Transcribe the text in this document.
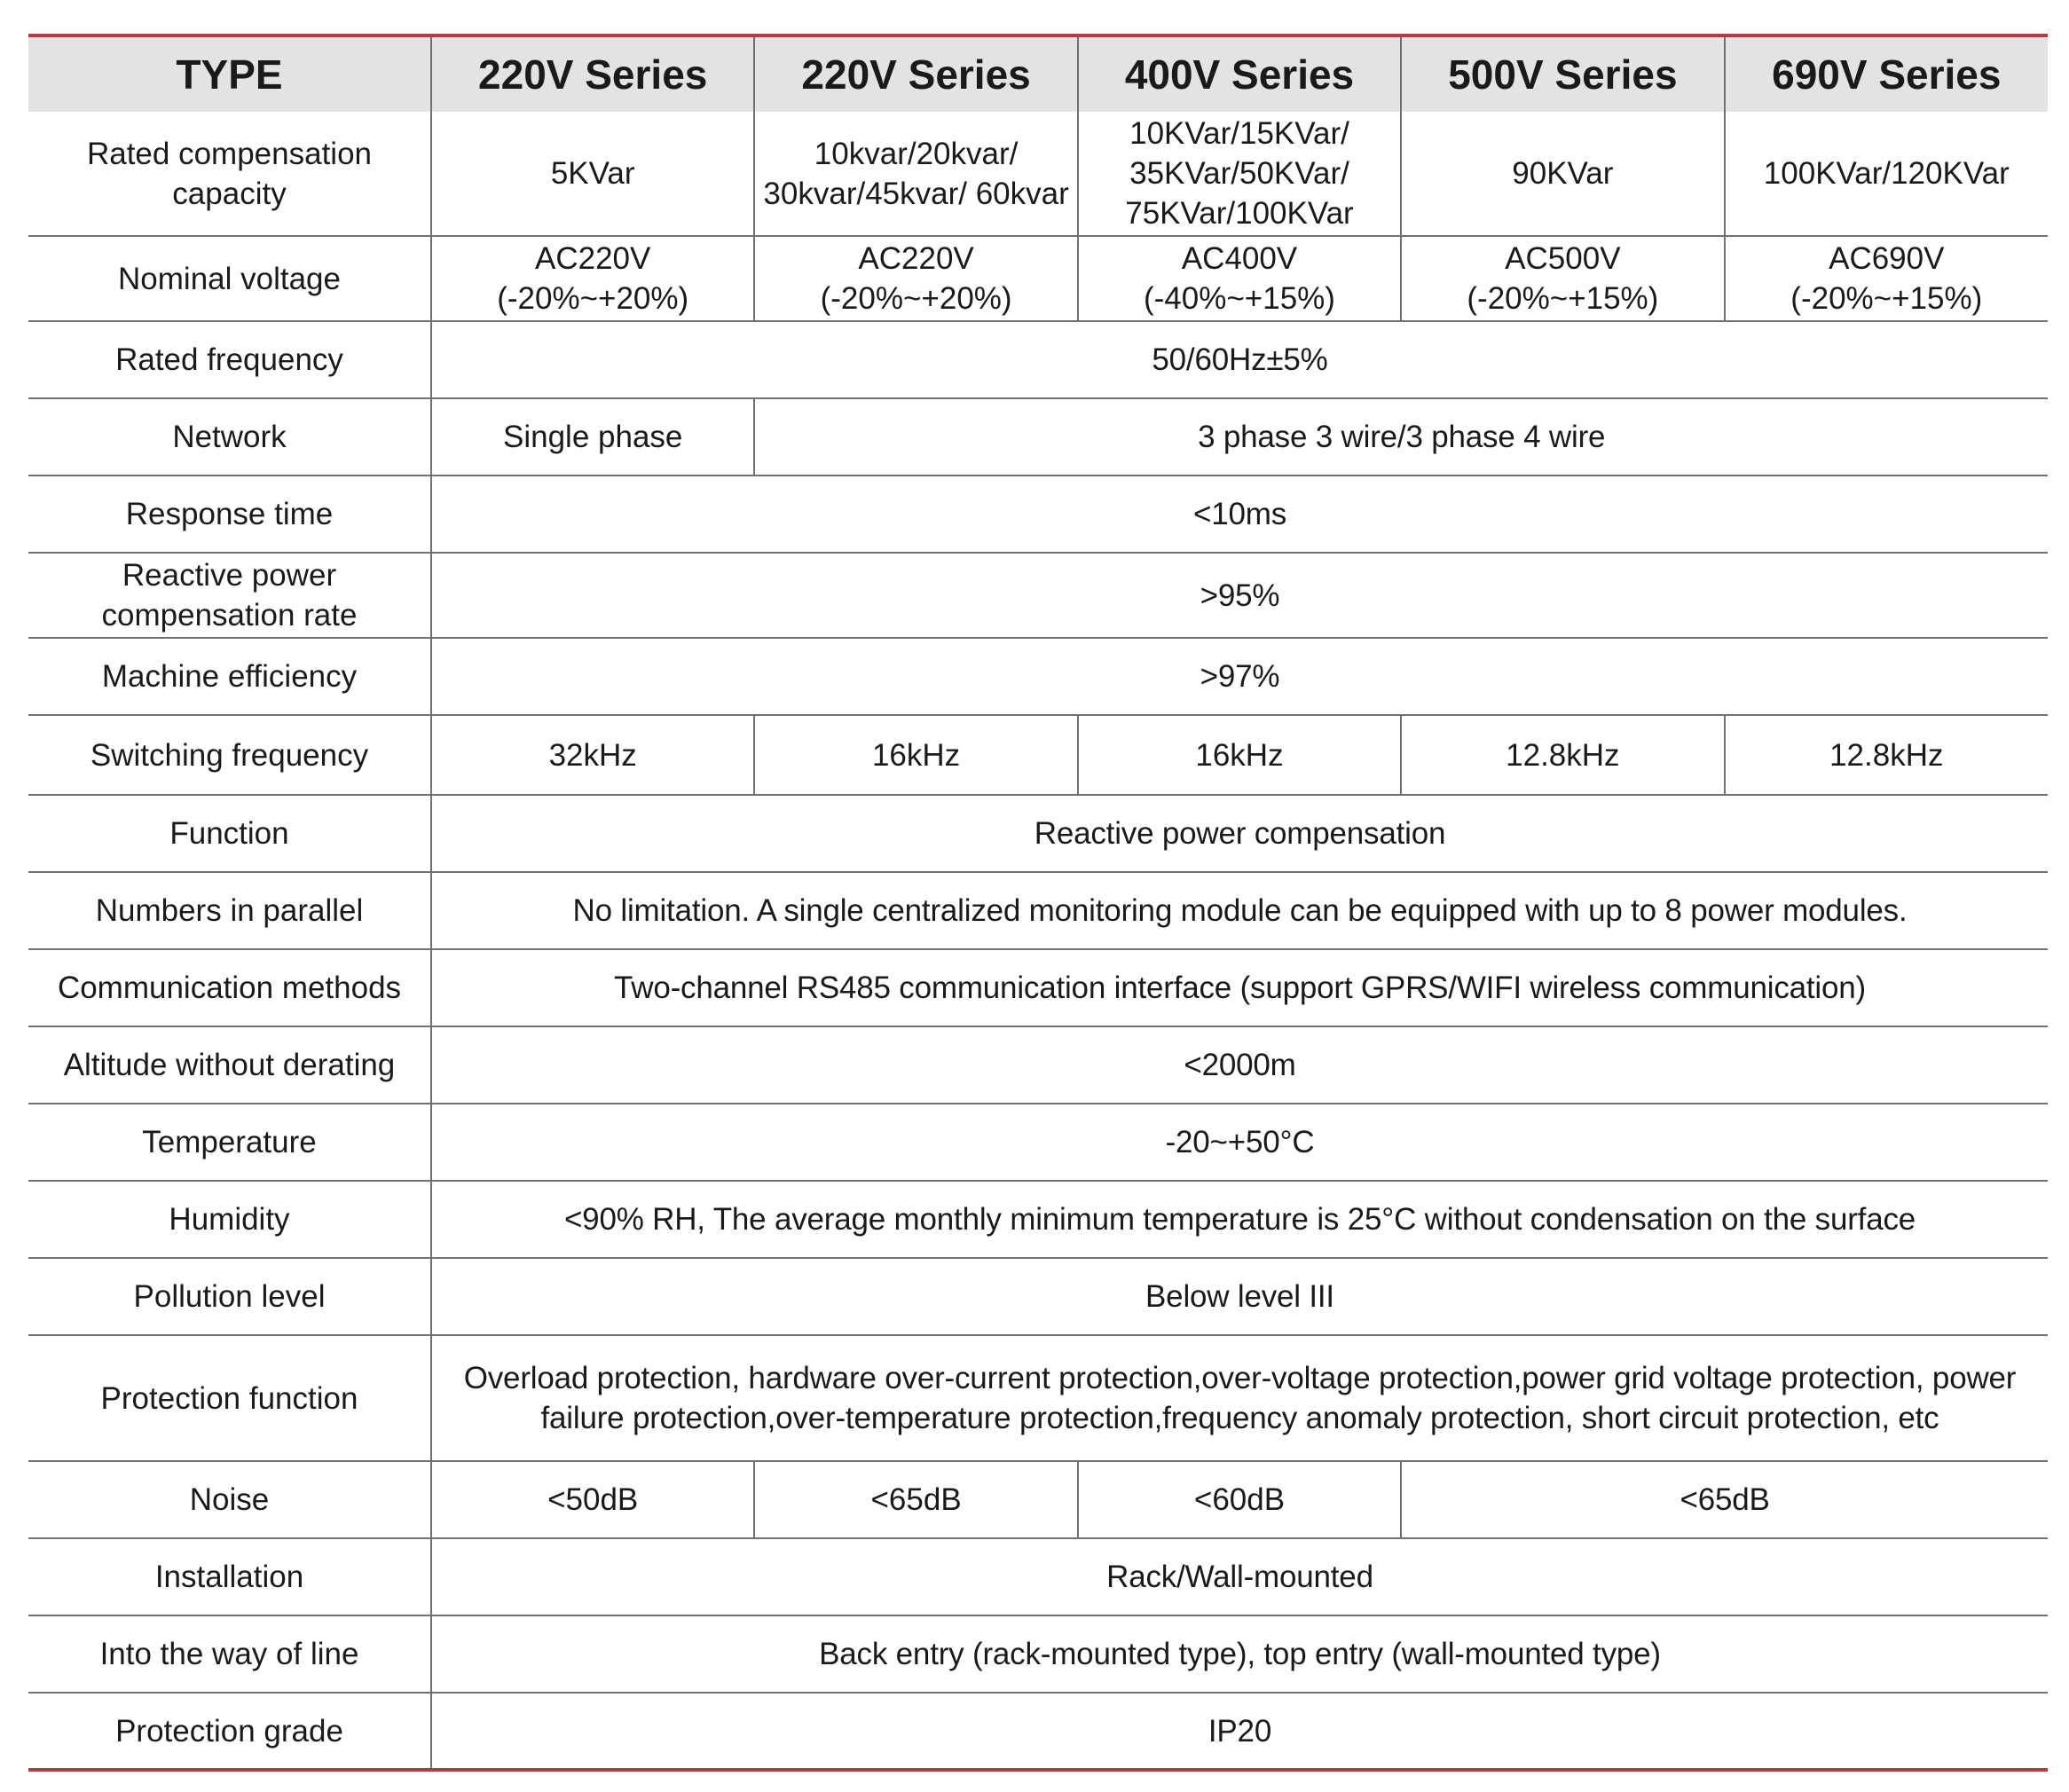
TYPE	220V Series	220V Series	400V Series	500V Series	690V Series
Rated compensation capacity	5KVar	10kvar/20kvar/ 30kvar/45kvar/ 60kvar	10KVar/15KVar/ 35KVar/50KVar/ 75KVar/100KVar	90KVar	100KVar/120KVar
Nominal voltage	AC220V (-20%~+20%)	AC220V (-20%~+20%)	AC400V (-40%~+15%)	AC500V (-20%~+15%)	AC690V (-20%~+15%)
Rated frequency	50/60Hz±5%				
Network	Single phase	3 phase 3 wire/3 phase 4 wire			
Response time	<10ms				
Reactive power compensation rate	>95%				
Machine efficiency	>97%				
Switching frequency	32kHz	16kHz	16kHz	12.8kHz	12.8kHz
Function	Reactive power compensation				
Numbers in parallel	No limitation. A single centralized monitoring module can be equipped with up to 8 power modules.				
Communication methods	Two-channel RS485 communication interface (support GPRS/WIFI wireless communication)				
Altitude without derating	<2000m				
Temperature	-20~+50°C				
Humidity	<90% RH, The average monthly minimum temperature is 25°C without condensation on the surface				
Pollution level	Below level III				
Protection function	Overload protection, hardware over-current protection,over-voltage protection,power grid voltage protection, power failure protection,over-temperature protection,frequency anomaly protection, short circuit protection, etc				
Noise	<50dB	<65dB	<60dB	<65dB	
Installation	Rack/Wall-mounted				
Into the way of line	Back entry (rack-mounted type), top entry (wall-mounted type)				
Protection grade	IP20				
